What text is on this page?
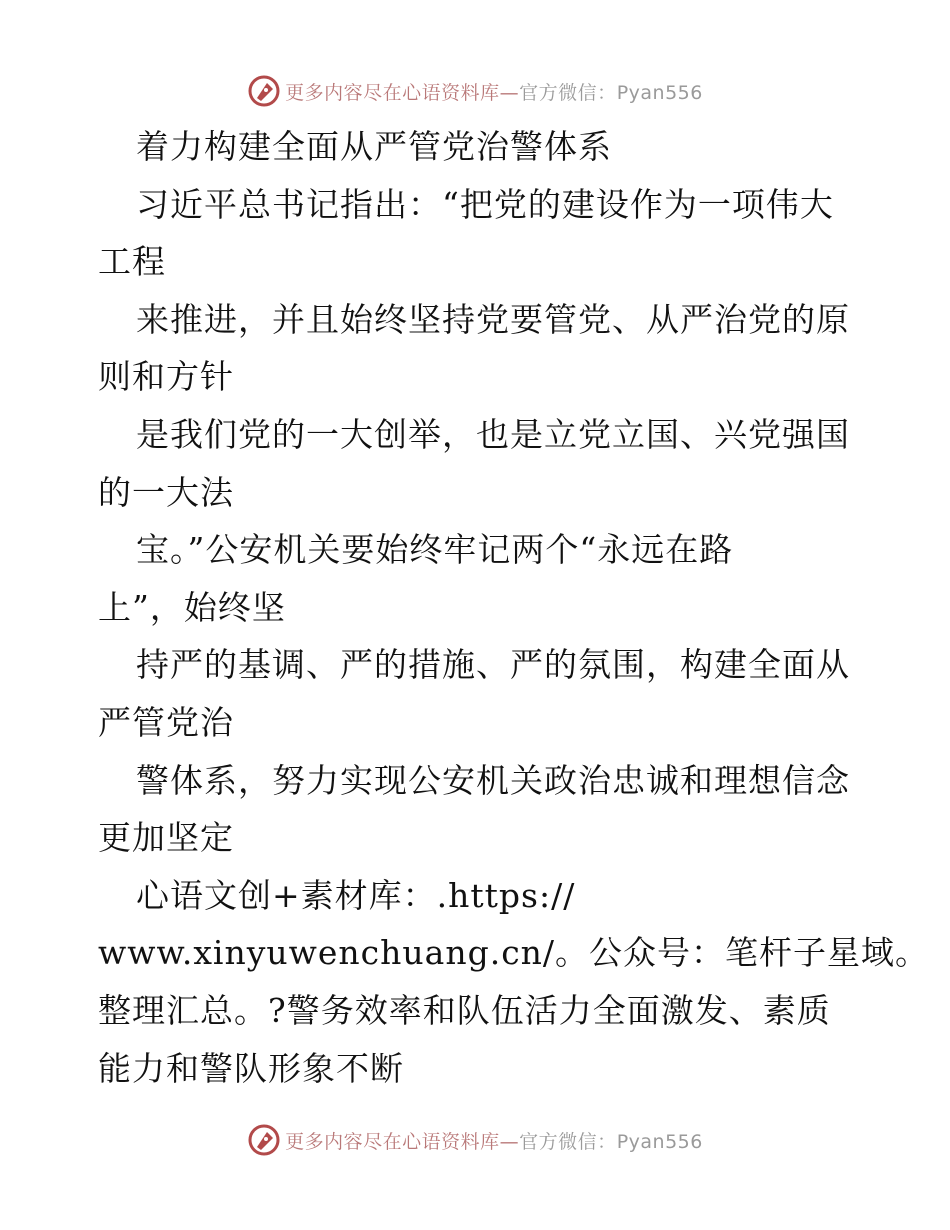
更多内容尽在心语资料库—官方微信：Pyan556
着力构建全面从严管党治警体系
习近平总书记指出：“把党的建设作为一项伟大
工程
来推进，并且始终坚持党要管党、从严治党的原
则和方针
是我们党的一大创举，也是立党立国、兴党强国
的一大法
宝。”公安机关要始终牢记两个“永远在路
上”，始终坚
持严的基调、严的措施、严的氛围，构建全面从
严管党治
警体系，努力实现公安机关政治忠诚和理想信念
更加坚定
心语文创+素材库：.https://
www.xinyuwenchuang.cn/。公众号：笔杆子星域。
整理汇总。?警务效率和队伍活力全面激发、素质
能力和警队形象不断
更多内容尽在心语资料库—官方微信：Pyan556
